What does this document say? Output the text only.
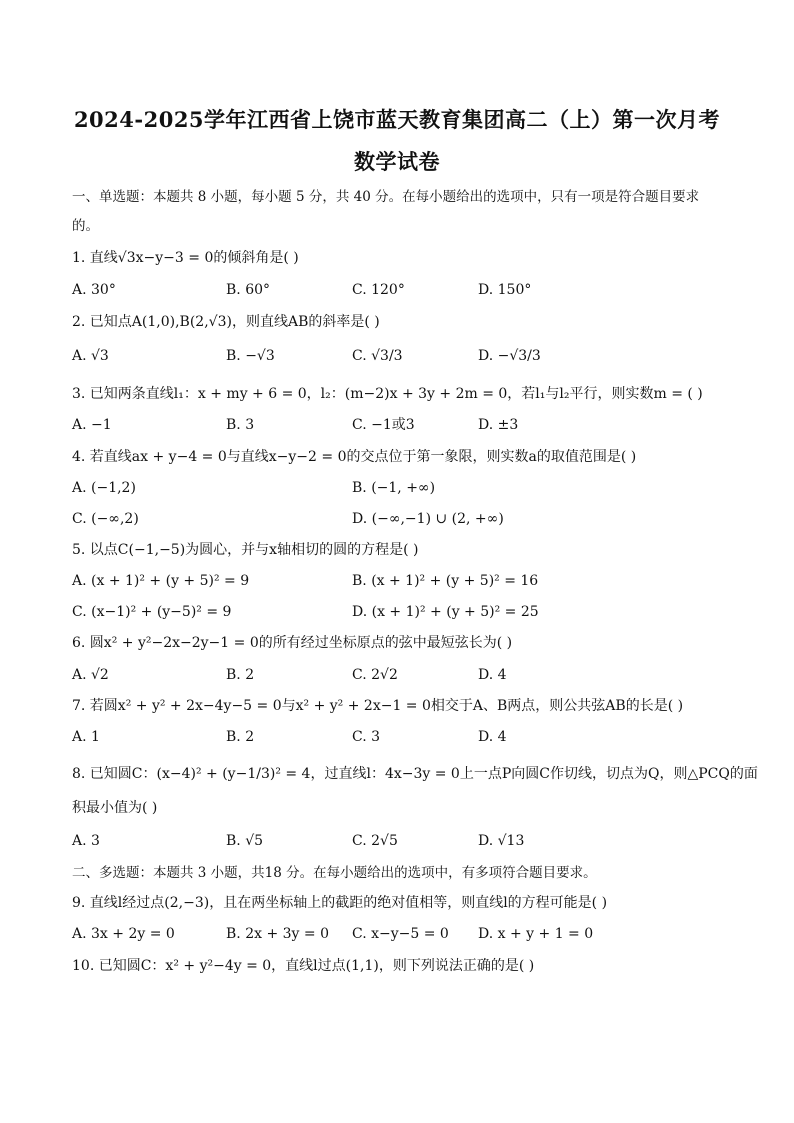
2024-2025学年江西省上饶市蓝天教育集团高二（上）第一次月考
数学试卷
一、单选题：本题共 8 小题，每小题 5 分，共 40 分。在每小题给出的选项中，只有一项是符合题目要求
的。
1. 直线√3x−y−3 = 0的倾斜角是( )
A. 30°	B. 60°	C. 120°	D. 150°
2. 已知点A(1,0),B(2,√3)，则直线AB的斜率是( )
A. √3	B. −√3	C. √3/3	D. −√3/3
3. 已知两条直线l₁：x + my + 6 = 0，l₂：(m−2)x + 3y + 2m = 0，若l₁与l₂平行，则实数m = ( )
A. −1	B. 3	C. −1或3	D. ±3
4. 若直线ax + y−4 = 0与直线x−y−2 = 0的交点位于第一象限，则实数a的取值范围是( )
A. (−1,2)	B. (−1, +∞)
C. (−∞,2)	D. (−∞,−1) ∪ (2, +∞)
5. 以点C(−1,−5)为圆心，并与x轴相切的圆的方程是( )
A. (x + 1)² + (y + 5)² = 9	B. (x + 1)² + (y + 5)² = 16
C. (x−1)² + (y−5)² = 9	D. (x + 1)² + (y + 5)² = 25
6. 圆x² + y²−2x−2y−1 = 0的所有经过坐标原点的弦中最短弦长为( )
A. √2	B. 2	C. 2√2	D. 4
7. 若圆x² + y² + 2x−4y−5 = 0与x² + y² + 2x−1 = 0相交于A、B两点，则公共弦AB的长是( )
A. 1	B. 2	C. 3	D. 4
8. 已知圆C：(x−4)² + (y−1/3)² = 4，过直线l：4x−3y = 0上一点P向圆C作切线，切点为Q，则△PCQ的面
积最小值为( )
A. 3	B. √5	C. 2√5	D. √13
二、多选题：本题共 3 小题，共18 分。在每小题给出的选项中，有多项符合题目要求。
9. 直线l经过点(2,−3)，且在两坐标轴上的截距的绝对值相等，则直线l的方程可能是( )
A. 3x + 2y = 0	B. 2x + 3y = 0 C. x−y−5 = 0 D. x + y + 1 = 0
10. 已知圆C：x² + y²−4y = 0，直线l过点(1,1)，则下列说法正确的是( )
